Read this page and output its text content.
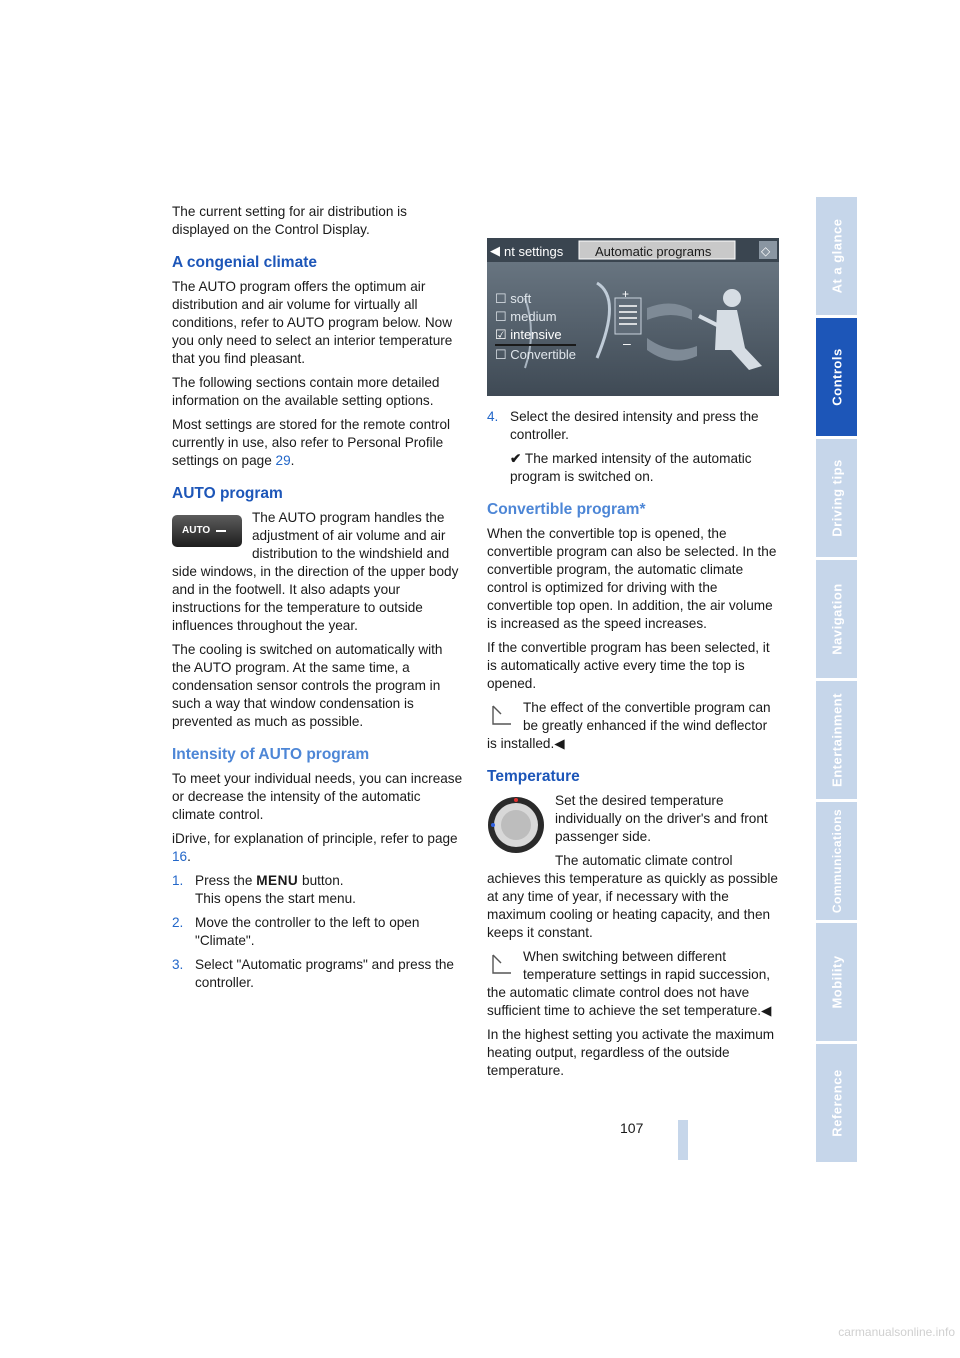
At a glance
Controls
Driving tips
Navigation
Entertainment
Communications
Mobility
Reference

The current setting for air distribution is displayed on the Control Display.

A congenial climate

The AUTO program offers the optimum air distribution and air volume for virtually all conditions, refer to AUTO program below. Now you only need to select an interior temperature that you find pleasant.

The following sections contain more detailed information on the available setting options.

Most settings are stored for the remote control currently in use, also refer to Personal Profile settings on page 29.

AUTO program
AUTO

The AUTO program handles the adjustment of air volume and air distribution to the windshield and side windows, in the direction of the upper body and in the footwell. It also adapts your instructions for the temperature to outside influences throughout the year.

The cooling is switched on automatically with the AUTO program. At the same time, a condensation sensor controls the program in such a way that window condensation is prevented as much as possible.

Intensity of AUTO program

To meet your individual needs, you can increase or decrease the intensity of the automatic climate control.

iDrive, for explanation of principle, refer to page 16.

1. Press the MENU button.
This opens the start menu.
2. Move the controller to the left to open "Climate".
3. Select "Automatic programs" and press the controller.
◀
+
–
nt settings Automatic programs	◇
☐ soft
☐ medium
☑ intensive
☐ Convertible
4. Select the desired intensity and press the controller.
✔ The marked intensity of the automatic program is switched on.
Convertible program*

When the convertible top is opened, the convertible program can also be selected. In the convertible program, the automatic climate control is optimized for driving with the convertible top open. In addition, the air volume is increased as the speed increases.

If the convertible program has been selected, it is automatically active every time the top is opened.

The effect of the convertible program can be greatly enhanced if the wind deflector is installed.◀

Temperature

Set the desired temperature individually on the driver's and front passenger side.

The automatic climate control achieves this temperature as quickly as possible at any time of year, if necessary with the maximum cooling or heating capacity, and then keeps it constant.

When switching between different temperature settings in rapid succession, the automatic climate control does not have sufficient time to achieve the set temperature.◀

In the highest setting you activate the maximum heating output, regardless of the outside temperature.

107
carmanualsonline.info
